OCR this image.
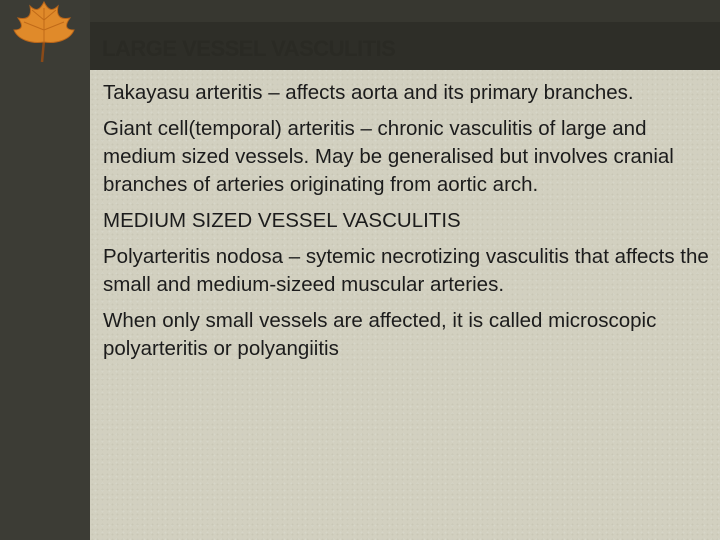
LARGE VESSEL VASCULITIS

Takayasu arteritis – affects aorta and its primary branches.

Giant cell(temporal) arteritis – chronic vasculitis of large and medium sized vessels. May be generalised but involves cranial branches of arteries originating from aortic arch.

MEDIUM SIZED VESSEL VASCULITIS

Polyarteritis nodosa – sytemic necrotizing vasculitis that affects the small and medium-sizeed muscular arteries.

When only small vessels are affected, it is called microscopic polyarteritis or polyangiitis
